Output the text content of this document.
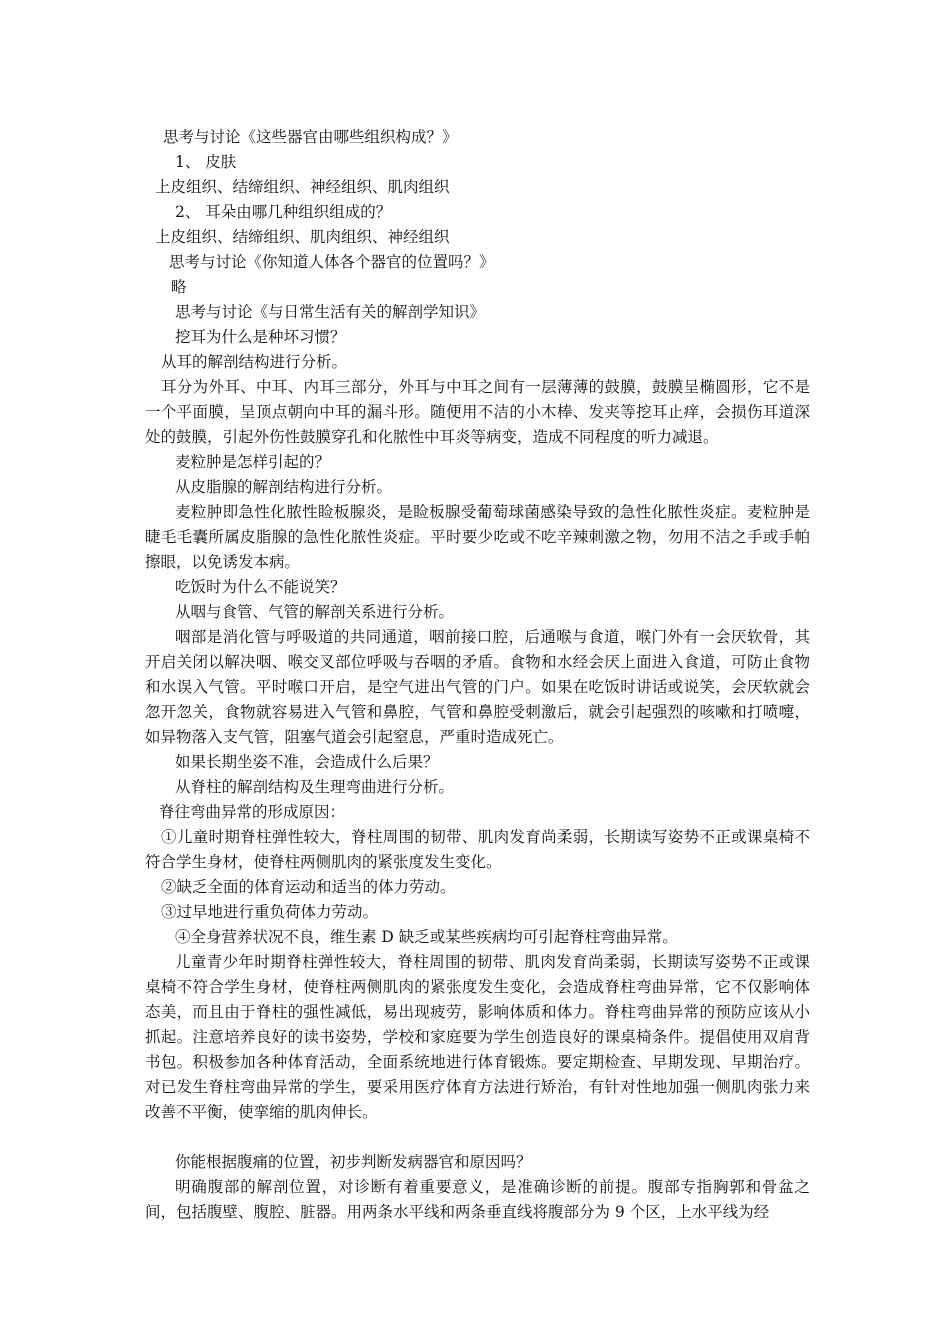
思考与讨论《这些器官由哪些组织构成？》
1、 皮肤
上皮组织、结缔组织、神经组织、肌肉组织
2、 耳朵由哪几种组织组成的？
上皮组织、结缔组织、肌肉组织、神经组织
思考与讨论《你知道人体各个器官的位置吗？》
略
思考与讨论《与日常生活有关的解剖学知识》
挖耳为什么是种坏习惯？
从耳的解剖结构进行分析。
耳分为外耳、中耳、内耳三部分，外耳与中耳之间有一层薄薄的鼓膜，鼓膜呈椭圆形，它不是一个平面膜，呈顶点朝向中耳的漏斗形。随便用不洁的小木棒、发夹等挖耳止痒，会损伤耳道深处的鼓膜，引起外伤性鼓膜穿孔和化脓性中耳炎等病变，造成不同程度的听力减退。
麦粒肿是怎样引起的？
从皮脂腺的解剖结构进行分析。
麦粒肿即急性化脓性睑板腺炎，是睑板腺受葡萄球菌感染导致的急性化脓性炎症。麦粒肿是睫毛毛囊所属皮脂腺的急性化脓性炎症。平时要少吃或不吃辛辣刺激之物，勿用不洁之手或手帕擦眼，以免诱发本病。
吃饭时为什么不能说笑？
从咽与食管、气管的解剖关系进行分析。
咽部是消化管与呼吸道的共同通道，咽前接口腔，后通喉与食道，喉门外有一会厌软骨，其开启关闭以解决咽、喉交叉部位呼吸与吞咽的矛盾。食物和水经会厌上面进入食道，可防止食物和水误入气管。平时喉口开启，是空气进出气管的门户。如果在吃饭时讲话或说笑，会厌软就会忽开忽关，食物就容易进入气管和鼻腔，气管和鼻腔受刺激后，就会引起强烈的咳嗽和打喷嚏，如异物落入支气管，阻塞气道会引起窒息，严重时造成死亡。
如果长期坐姿不准，会造成什么后果？
从脊柱的解剖结构及生理弯曲进行分析。
脊往弯曲异常的形成原因：
①儿童时期脊柱弹性较大，脊柱周围的韧带、肌肉发育尚柔弱，长期读写姿势不正或课桌椅不符合学生身材，使脊柱两侧肌肉的紧张度发生变化。
②缺乏全面的体育运动和适当的体力劳动。
③过早地进行重负荷体力劳动。
④全身营养状况不良，维生素 D 缺乏或某些疾病均可引起脊柱弯曲异常。
儿童青少年时期脊柱弹性较大，脊柱周围的韧带、肌肉发育尚柔弱，长期读写姿势不正或课桌椅不符合学生身材，使脊柱两侧肌肉的紧张度发生变化，会造成脊柱弯曲异常，它不仅影响体态美，而且由于脊柱的强性减低，易出现疲劳，影响体质和体力。脊柱弯曲异常的预防应该从小抓起。注意培养良好的读书姿势，学校和家庭要为学生创造良好的课桌椅条件。提倡使用双肩背书包。积极参加各种体育活动，全面系统地进行体育锻炼。要定期检查、早期发现、早期治疗。对已发生脊柱弯曲异常的学生，要采用医疗体育方法进行矫治，有针对性地加强一侧肌肉张力来改善不平衡，使挛缩的肌肉伸长。
你能根据腹痛的位置，初步判断发病器官和原因吗？
明确腹部的解剖位置，对诊断有着重要意义，是准确诊断的前提。腹部专指胸郭和骨盆之间，包括腹壁、腹腔、脏器。用两条水平线和两条垂直线将腹部分为 9 个区，上水平线为经
